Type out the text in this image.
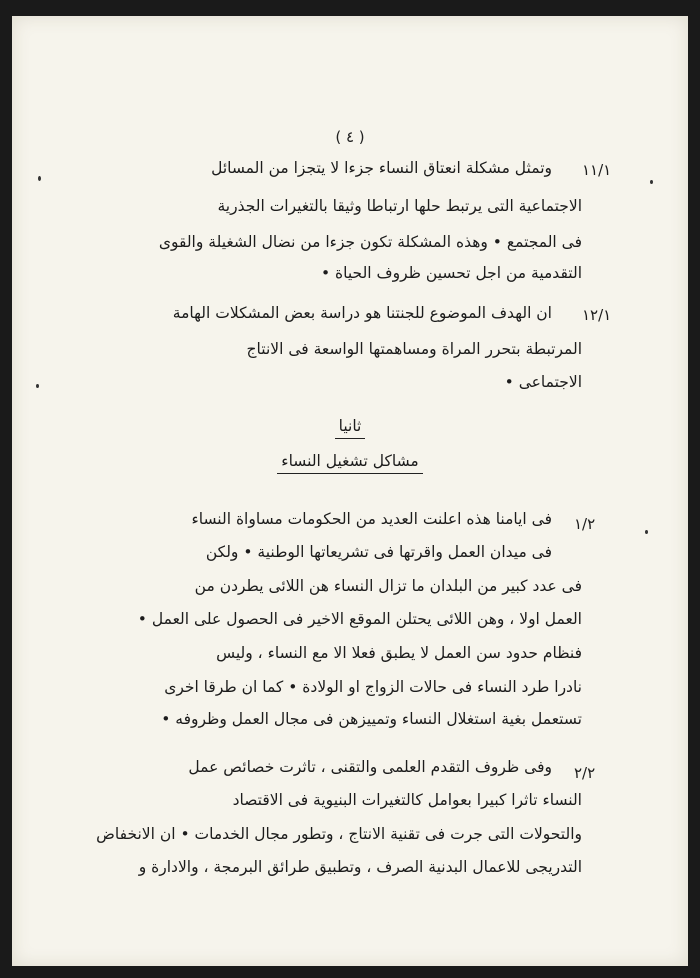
( ٤ )
١١/١
وتمثل مشكلة انعتاق النساء جزءا لا يتجزا من المسائل
الاجتماعية التى يرتبط حلها ارتباطا وثيقا بالتغيرات الجذرية
فى المجتمع • وهذه المشكلة تكون جزءا من نضال الشغيلة والقوى
التقدمية من اجل تحسين ظروف الحياة •
١٢/١
ان الهدف الموضوع للجنتنا هو دراسة بعض المشكلات الهامة
المرتبطة بتحرر المراة ومساهمتها الواسعة فى الانتاج
الاجتماعى •
ثانيا
مشاكل تشغيل النساء
١/٢
فى ايامنا هذه اعلنت العديد من الحكومات مساواة النساء
فى ميدان العمل واقرتها فى تشريعاتها الوطنية • ولكن
فى عدد كبير من البلدان ما تزال النساء هن اللائى يطردن من
العمل اولا ، وهن اللائى يحتلن الموقع الاخير فى الحصول على العمل •
فنظام حدود سن العمل لا يطبق فعلا الا مع النساء ، وليس
نادرا طرد النساء فى حالات الزواج او الولادة • كما ان طرقا اخرى
تستعمل بغية استغلال النساء وتمييزهن فى مجال العمل وظروفه •
٢/٢
وفى ظروف التقدم العلمى والتقنى ، تاثرت خصائص عمل
النساء تاثرا كبيرا بعوامل كالتغيرات البنيوية فى الاقتصاد
والتحولات التى جرت فى تقنية الانتاج ، وتطور مجال الخدمات • ان الانخفاض
التدريجى للاعمال البدنية الصرف ، وتطبيق طرائق البرمجة ، والادارة و
